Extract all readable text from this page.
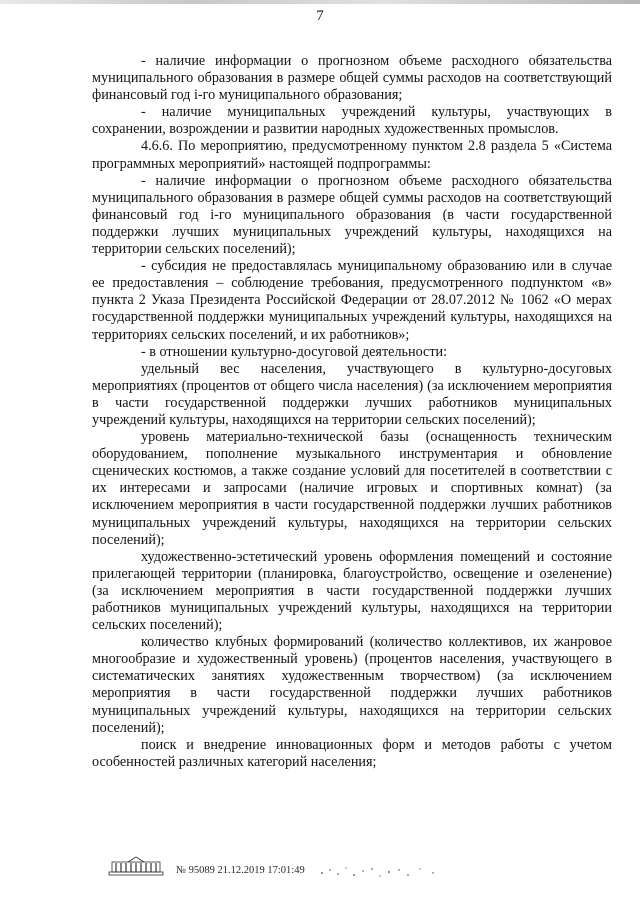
7

- наличие информации о прогнозном объеме расходного обязательства муниципального образования в размере общей суммы расходов на соответствующий финансовый год i-го муниципального образования;

- наличие муниципальных учреждений культуры, участвующих в сохранении, возрождении и развитии народных художественных промыслов.

4.6.6. По мероприятию, предусмотренному пунктом 2.8 раздела 5 «Система программных мероприятий» настоящей подпрограммы:

- наличие информации о прогнозном объеме расходного обязательства муниципального образования в размере общей суммы расходов на соответствующий финансовый год i-го муниципального образования (в части государственной поддержки лучших муниципальных учреждений культуры, находящихся на территории сельских поселений);

- субсидия не предоставлялась муниципальному образованию или в случае ее предоставления – соблюдение требования, предусмотренного подпунктом «в» пункта 2 Указа Президента Российской Федерации от 28.07.2012 № 1062 «О мерах государственной поддержки муниципальных учреждений культуры, находящихся на территориях сельских поселений, и их работников»;

- в отношении культурно-досуговой деятельности:

удельный вес населения, участвующего в культурно-досуговых мероприятиях (процентов от общего числа населения) (за исключением мероприятия в части государственной поддержки лучших работников муниципальных учреждений культуры, находящихся на территории сельских поселений);

уровень материально-технической базы (оснащенность техническим оборудованием, пополнение музыкального инструментария и обновление сценических костюмов, а также создание условий для посетителей в соответствии с их интересами и запросами (наличие игровых и спортивных комнат) (за исключением мероприятия в части государственной поддержки лучших работников муниципальных учреждений культуры, находящихся на территории сельских поселений);

художественно-эстетический уровень оформления помещений и состояние прилегающей территории (планировка, благоустройство, освещение и озеленение) (за исключением мероприятия в части государственной поддержки лучших работников муниципальных учреждений культуры, находящихся на территории сельских поселений);

количество клубных формирований (количество коллективов, их жанровое многообразие и художественный уровень) (процентов населения, участвующего в систематических занятиях художественным творчеством) (за исключением мероприятия в части государственной поддержки лучших работников муниципальных учреждений культуры, находящихся на территории сельских поселений);

поиск и внедрение инновационных форм и методов работы с учетом особенностей различных категорий населения;

№ 95089 21.12.2019 17:01:49
